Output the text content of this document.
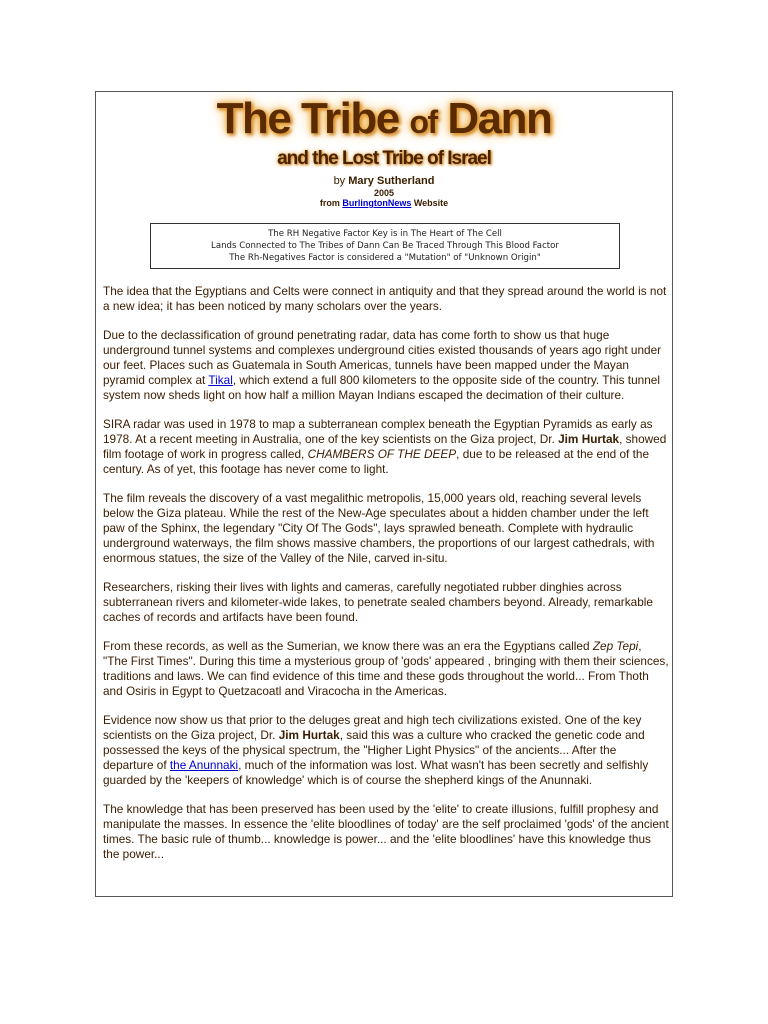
The Tribe of Dann
and the Lost Tribe of Israel
by Mary Sutherland
2005
from BurlingtonNews Website
The RH Negative Factor Key is in The Heart of The Cell
Lands Connected to The Tribes of Dann Can Be Traced Through This Blood Factor
The Rh-Negatives Factor is considered a "Mutation" of "Unknown Origin"

The idea that the Egyptians and Celts were connect in antiquity and that they spread around the world is not a new idea; it has been noticed by many scholars over the years.

Due to the declassification of ground penetrating radar, data has come forth to show us that huge underground tunnel systems and complexes underground cities existed thousands of years ago right under our feet. Places such as Guatemala in South Americas, tunnels have been mapped under the Mayan pyramid complex at Tikal, which extend a full 800 kilometers to the opposite side of the country. This tunnel system now sheds light on how half a million Mayan Indians escaped the decimation of their culture.

SIRA radar was used in 1978 to map a subterranean complex beneath the Egyptian Pyramids as early as 1978. At a recent meeting in Australia, one of the key scientists on the Giza project, Dr. Jim Hurtak, showed film footage of work in progress called, CHAMBERS OF THE DEEP, due to be released at the end of the century. As of yet, this footage has never come to light.

The film reveals the discovery of a vast megalithic metropolis, 15,000 years old, reaching several levels below the Giza plateau. While the rest of the New-Age speculates about a hidden chamber under the left paw of the Sphinx, the legendary "City Of The Gods", lays sprawled beneath. Complete with hydraulic underground waterways, the film shows massive chambers, the proportions of our largest cathedrals, with enormous statues, the size of the Valley of the Nile, carved in-situ.

Researchers, risking their lives with lights and cameras, carefully negotiated rubber dinghies across subterranean rivers and kilometer-wide lakes, to penetrate sealed chambers beyond. Already, remarkable caches of records and artifacts have been found.

From these records, as well as the Sumerian, we know there was an era the Egyptians called Zep Tepi, "The First Times". During this time a mysterious group of 'gods' appeared , bringing with them their sciences, traditions and laws. We can find evidence of this time and these gods throughout the world... From Thoth and Osiris in Egypt to Quetzacoatl and Viracocha in the Americas.

Evidence now show us that prior to the deluges great and high tech civilizations existed. One of the key scientists on the Giza project, Dr. Jim Hurtak, said this was a culture who cracked the genetic code and possessed the keys of the physical spectrum, the "Higher Light Physics" of the ancients... After the departure of the Anunnaki, much of the information was lost. What wasn't has been secretly and selfishly guarded by the 'keepers of knowledge' which is of course the shepherd kings of the Anunnaki.

The knowledge that has been preserved has been used by the 'elite' to create illusions, fulfill prophesy and manipulate the masses. In essence the 'elite bloodlines of today' are the self proclaimed 'gods' of the ancient times. The basic rule of thumb... knowledge is power... and the 'elite bloodlines' have this knowledge thus the power...
